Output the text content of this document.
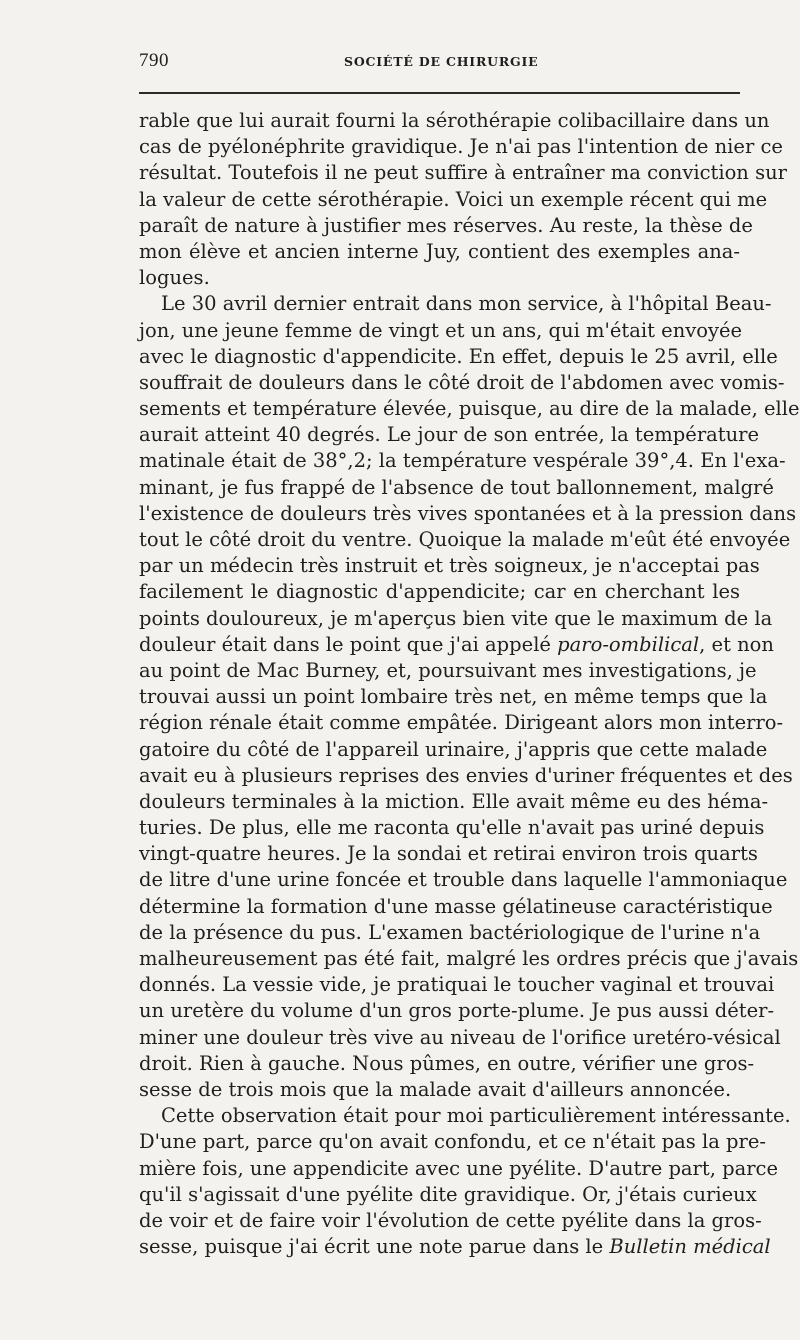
790	SOCIÉTÉ DE CHIRURGIE
rable que lui aurait fourni la sérothérapie colibacillaire dans un
cas de pyélonéphrite gravidique. Je n'ai pas l'intention de nier ce
résultat. Toutefois il ne peut suffire à entraîner ma conviction sur
la valeur de cette sérothérapie. Voici un exemple récent qui me
paraît de nature à justifier mes réserves. Au reste, la thèse de
mon élève et ancien interne Juy, contient des exemples ana-
logues.
Le 30 avril dernier entrait dans mon service, à l'hôpital Beau-
jon, une jeune femme de vingt et un ans, qui m'était envoyée
avec le diagnostic d'appendicite. En effet, depuis le 25 avril, elle
souffrait de douleurs dans le côté droit de l'abdomen avec vomis-
sements et température élevée, puisque, au dire de la malade, elle
aurait atteint 40 degrés. Le jour de son entrée, la température
matinale était de 38°,2; la température vespérale 39°,4. En l'exa-
minant, je fus frappé de l'absence de tout ballonnement, malgré
l'existence de douleurs très vives spontanées et à la pression dans
tout le côté droit du ventre. Quoique la malade m'eût été envoyée
par un médecin très instruit et très soigneux, je n'acceptai pas
facilement le diagnostic d'appendicite; car en cherchant les
points douloureux, je m'aperçus bien vite que le maximum de la
douleur était dans le point que j'ai appelé paro-ombilical, et non
au point de Mac Burney, et, poursuivant mes investigations, je
trouvai aussi un point lombaire très net, en même temps que la
région rénale était comme empâtée. Dirigeant alors mon interro-
gatoire du côté de l'appareil urinaire, j'appris que cette malade
avait eu à plusieurs reprises des envies d'uriner fréquentes et des
douleurs terminales à la miction. Elle avait même eu des héma-
turies. De plus, elle me raconta qu'elle n'avait pas uriné depuis
vingt-quatre heures. Je la sondai et retirai environ trois quarts
de litre d'une urine foncée et trouble dans laquelle l'ammoniaque
détermine la formation d'une masse gélatineuse caractéristique
de la présence du pus. L'examen bactériologique de l'urine n'a
malheureusement pas été fait, malgré les ordres précis que j'avais
donnés. La vessie vide, je pratiquai le toucher vaginal et trouvai
un uretère du volume d'un gros porte-plume. Je pus aussi déter-
miner une douleur très vive au niveau de l'orifice uretéro-vésical
droit. Rien à gauche. Nous pûmes, en outre, vérifier une gros-
sesse de trois mois que la malade avait d'ailleurs annoncée.
Cette observation était pour moi particulièrement intéressante.
D'une part, parce qu'on avait confondu, et ce n'était pas la pre-
mière fois, une appendicite avec une pyélite. D'autre part, parce
qu'il s'agissait d'une pyélite dite gravidique. Or, j'étais curieux
de voir et de faire voir l'évolution de cette pyélite dans la gros-
sesse, puisque j'ai écrit une note parue dans le Bulletin médical
